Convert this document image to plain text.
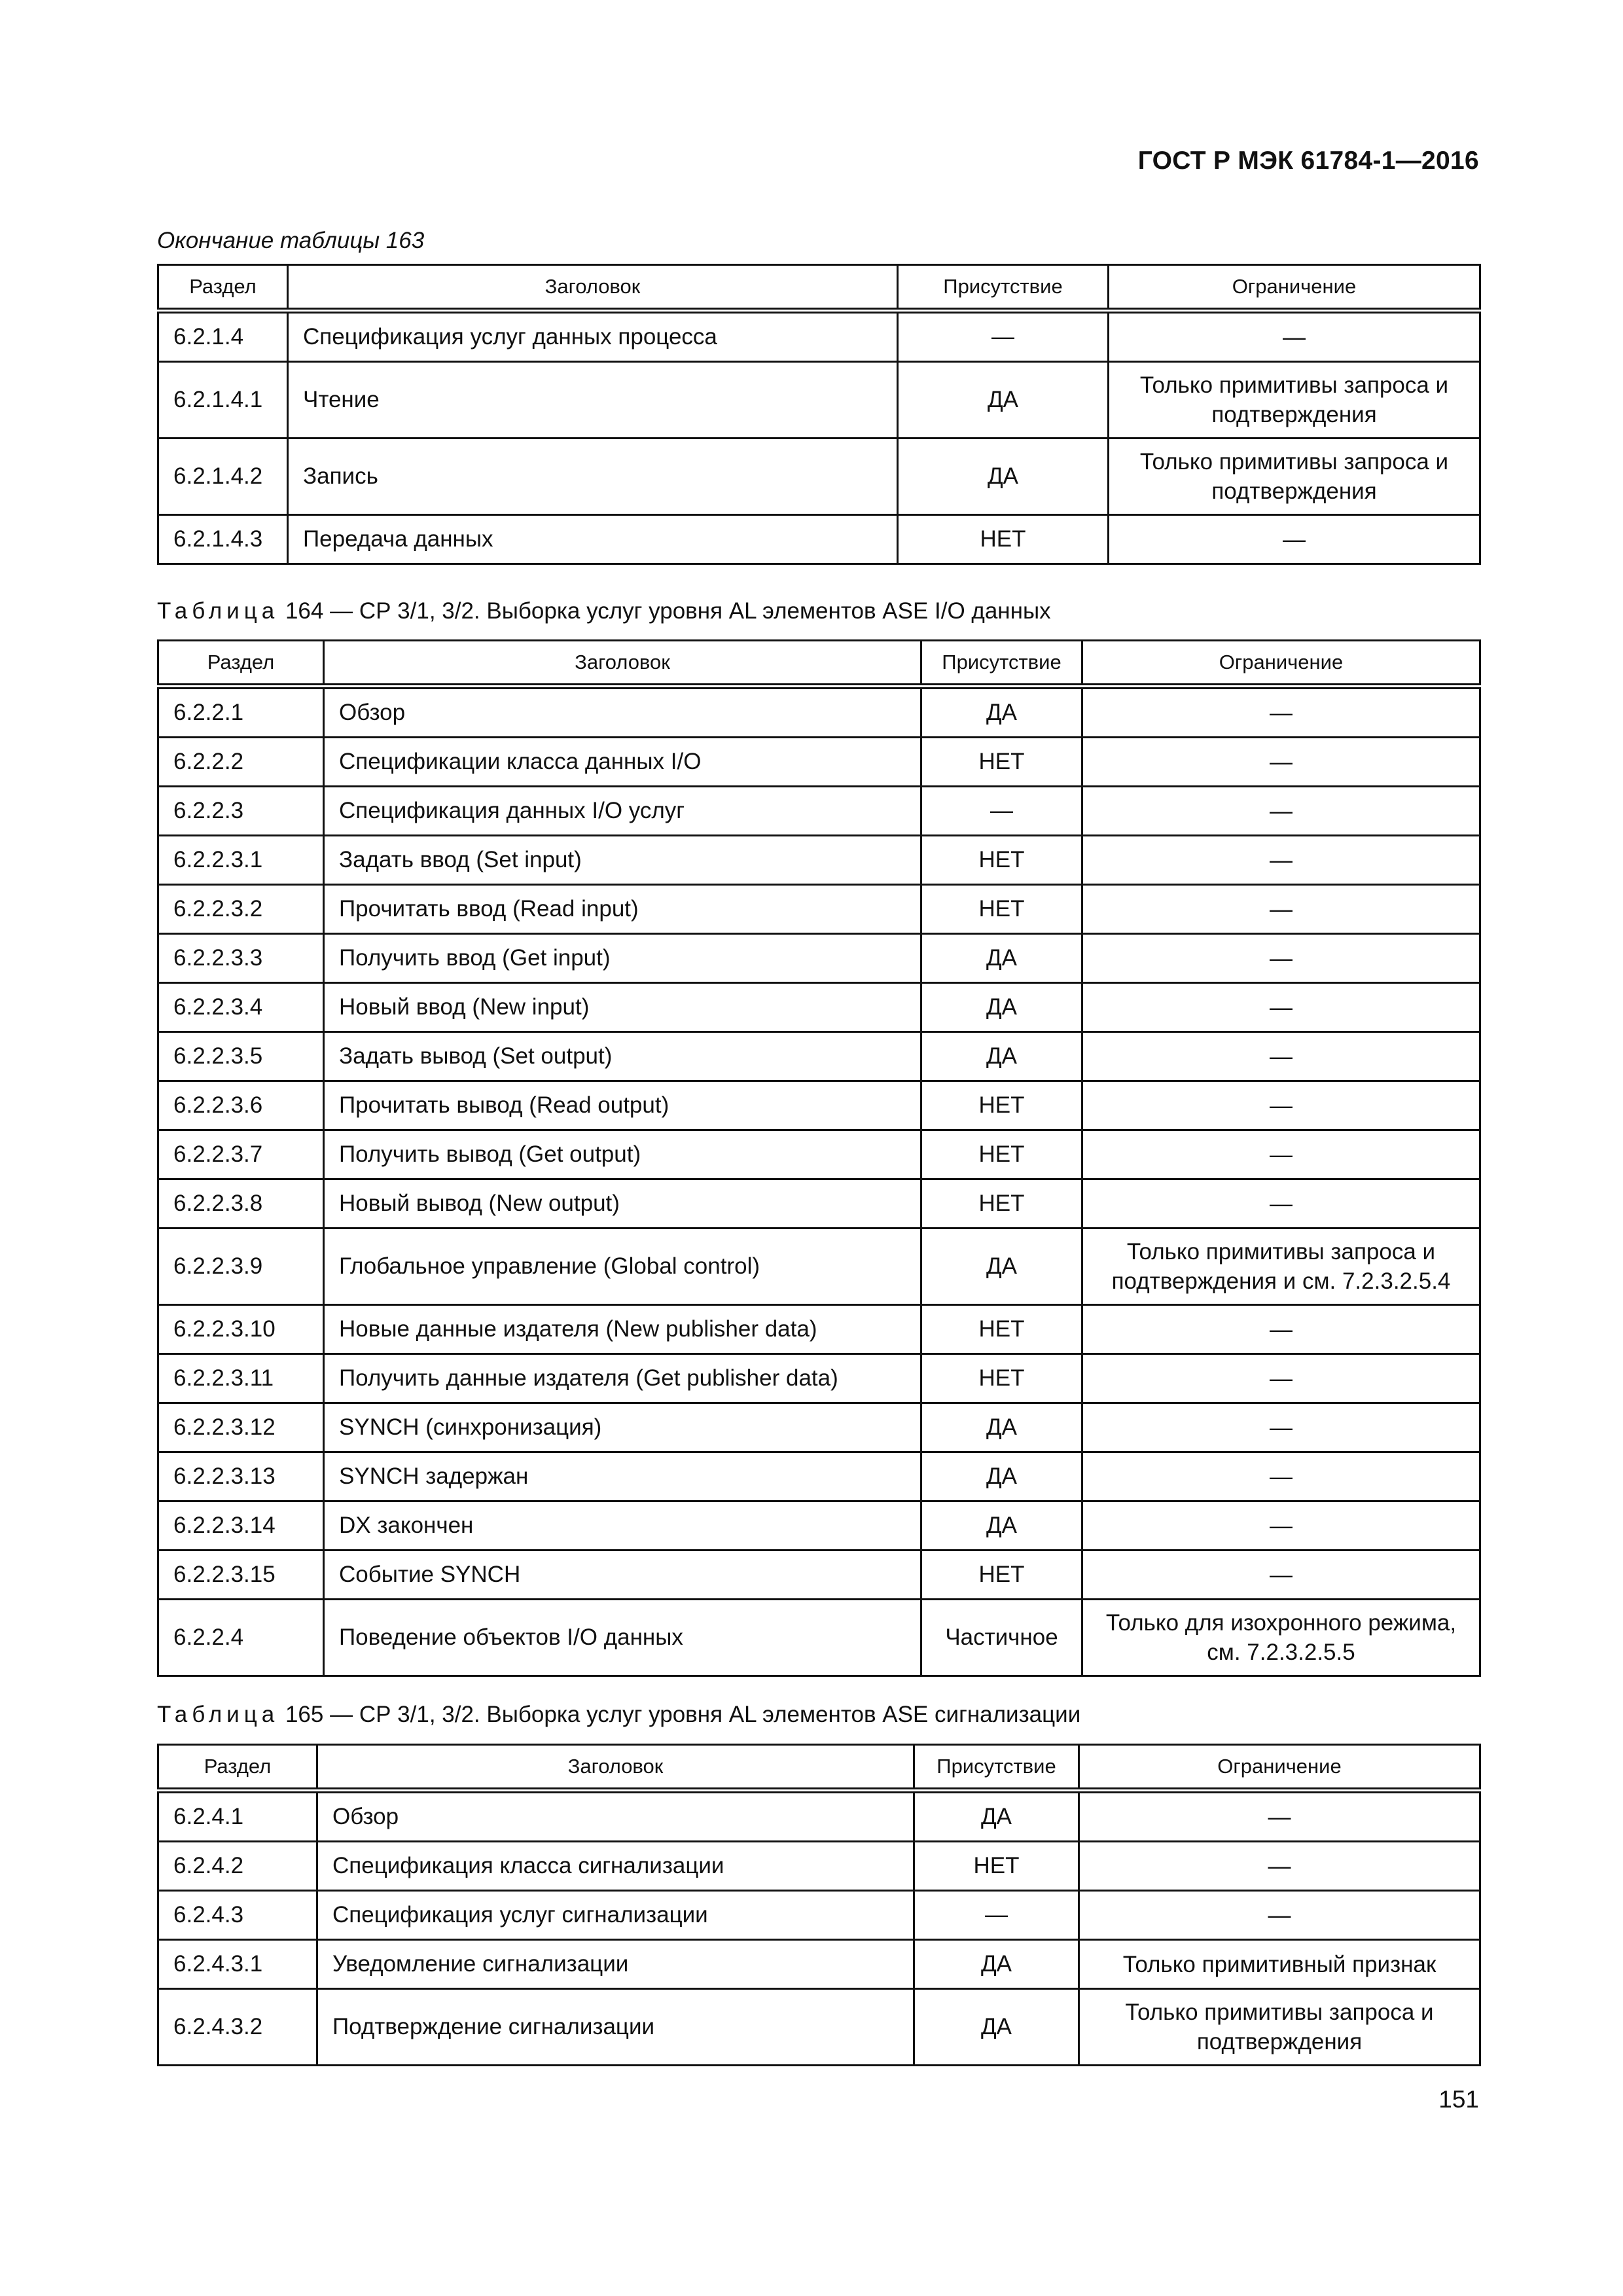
ГОСТ Р МЭК 61784-1—2016
Окончание таблицы 163
Раздел	Заголовок	Присутствие	Ограничение
6.2.1.4	Спецификация услуг данных процесса	—	—
6.2.1.4.1	Чтение	ДА	Только примитивы запроса и подтверждения
6.2.1.4.2	Запись	ДА	Только примитивы запроса и подтверждения
6.2.1.4.3	Передача данных	НЕТ	—
Таблица 164 — СР 3/1, 3/2. Выборка услуг уровня AL элементов ASE I/O данных
Раздел	Заголовок	Присутствие	Ограничение
6.2.2.1	Обзор	ДА	—
6.2.2.2	Спецификации класса данных I/O	НЕТ	—
6.2.2.3	Спецификация данных I/O услуг	—	—
6.2.2.3.1	Задать ввод (Set input)	НЕТ	—
6.2.2.3.2	Прочитать ввод (Read input)	НЕТ	—
6.2.2.3.3	Получить ввод (Get input)	ДА	—
6.2.2.3.4	Новый ввод (New input)	ДА	—
6.2.2.3.5	Задать вывод (Set output)	ДА	—
6.2.2.3.6	Прочитать вывод (Read output)	НЕТ	—
6.2.2.3.7	Получить вывод (Get output)	НЕТ	—
6.2.2.3.8	Новый вывод (New output)	НЕТ	—
6.2.2.3.9	Глобальное управление (Global control)	ДА	Только примитивы запроса и подтверждения и см. 7.2.3.2.5.4
6.2.2.3.10	Новые данные издателя (New publisher data)	НЕТ	—
6.2.2.3.11	Получить данные издателя (Get publisher data)	НЕТ	—
6.2.2.3.12	SYNCH (синхронизация)	ДА	—
6.2.2.3.13	SYNCH задержан	ДА	—
6.2.2.3.14	DX закончен	ДА	—
6.2.2.3.15	Событие SYNCH	НЕТ	—
6.2.2.4	Поведение объектов I/O данных	Частичное	Только для изохронного режима, см. 7.2.3.2.5.5
Таблица 165 — СР 3/1, 3/2. Выборка услуг уровня AL элементов ASE сигнализации
Раздел	Заголовок	Присутствие	Ограничение
6.2.4.1	Обзор	ДА	—
6.2.4.2	Спецификация класса сигнализации	НЕТ	—
6.2.4.3	Спецификация услуг сигнализации	—	—
6.2.4.3.1	Уведомление сигнализации	ДА	Только примитивный признак
6.2.4.3.2	Подтверждение сигнализации	ДА	Только примитивы запроса и подтверждения
151
